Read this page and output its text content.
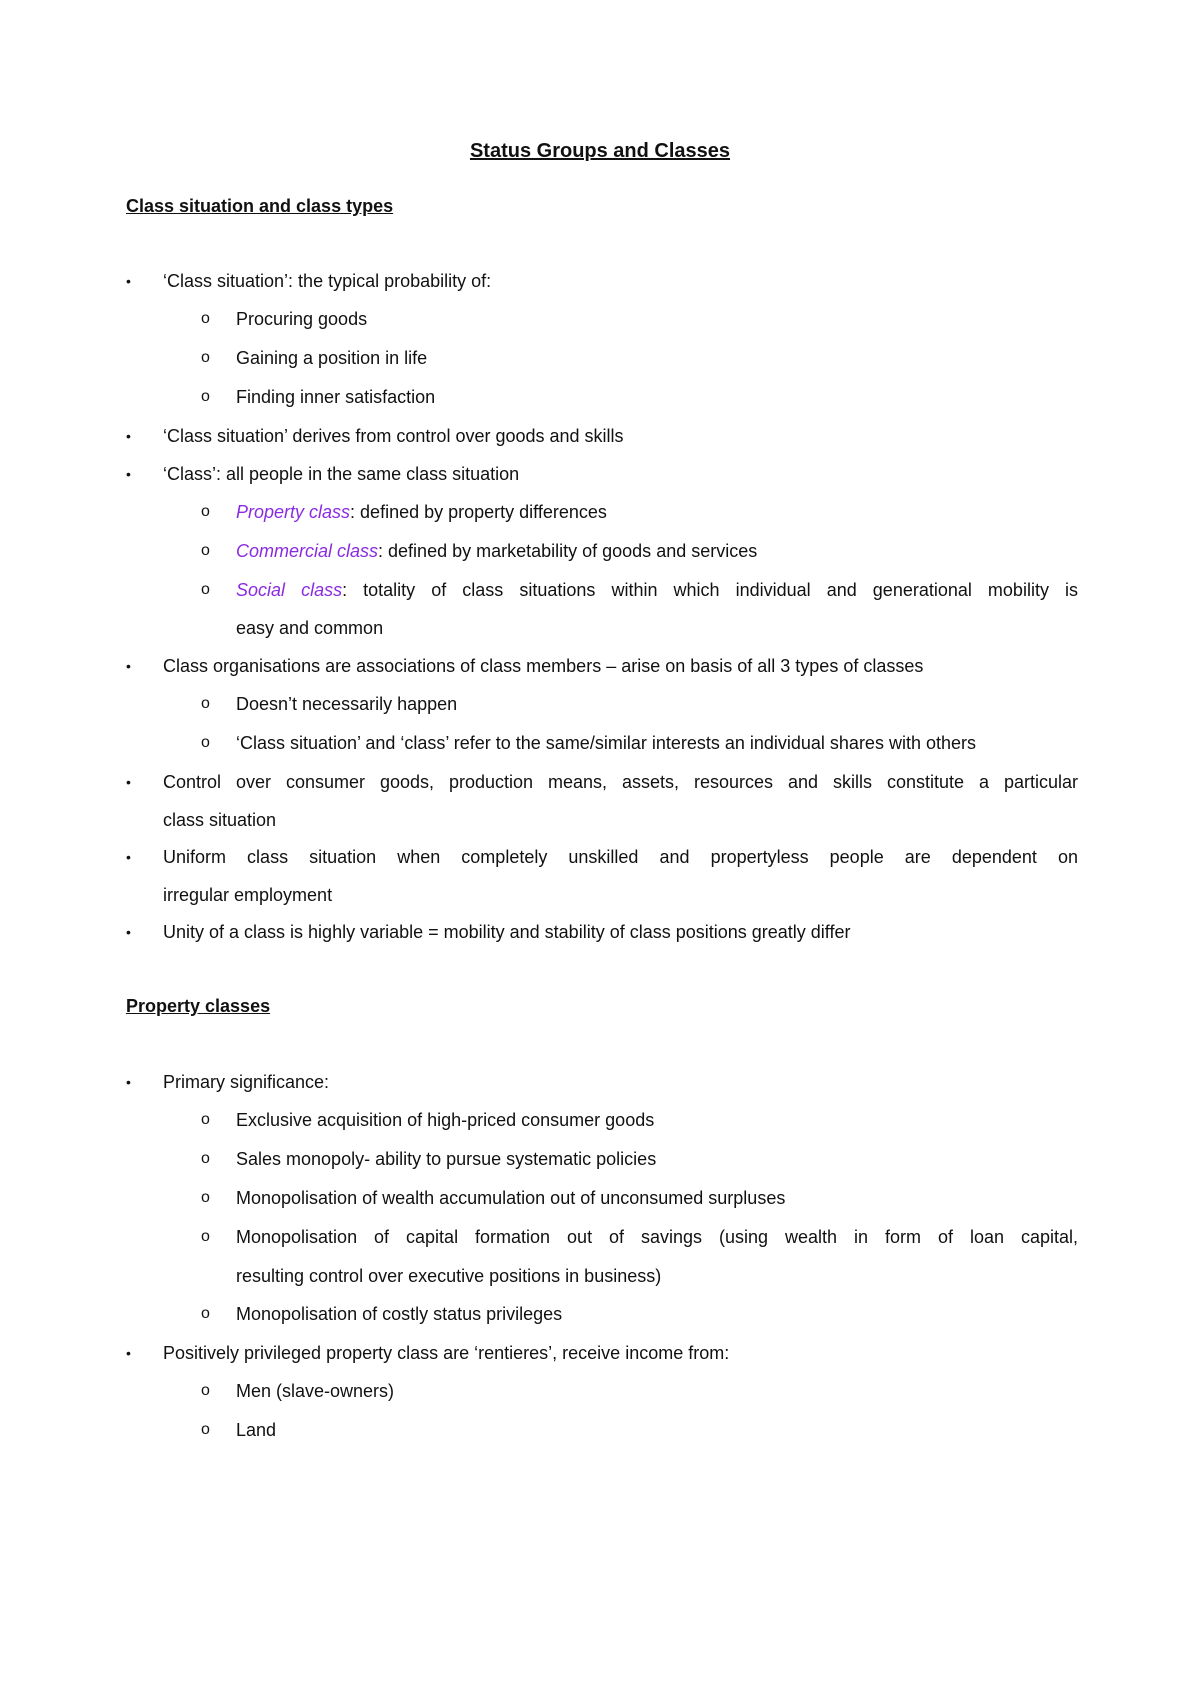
Status Groups and Classes
Class situation and class types
• ‘Class situation’: the typical probability of:
o Procuring goods
o Gaining a position in life
o Finding inner satisfaction
• ‘Class situation’ derives from control over goods and skills
• ‘Class’: all people in the same class situation
o Property class: defined by property differences
o Commercial class: defined by marketability of goods and services
o Social class: totality of class situations within which individual and generational mobility is
easy and common
• Class organisations are associations of class members – arise on basis of all 3 types of classes
o Doesn’t necessarily happen
o ‘Class situation’ and ‘class’ refer to the same/similar interests an individual shares with others
• Control over consumer goods, production means, assets, resources and skills constitute a particular
class situation
• Uniform class situation when completely unskilled and propertyless people are dependent on
irregular employment
• Unity of a class is highly variable = mobility and stability of class positions greatly differ
Property classes
• Primary significance:
o Exclusive acquisition of high-priced consumer goods
o Sales monopoly- ability to pursue systematic policies
o Monopolisation of wealth accumulation out of unconsumed surpluses
o Monopolisation of capital formation out of savings (using wealth in form of loan capital,
resulting control over executive positions in business)
o Monopolisation of costly status privileges
• Positively privileged property class are ‘rentieres’, receive income from:
o Men (slave-owners)
o Land
